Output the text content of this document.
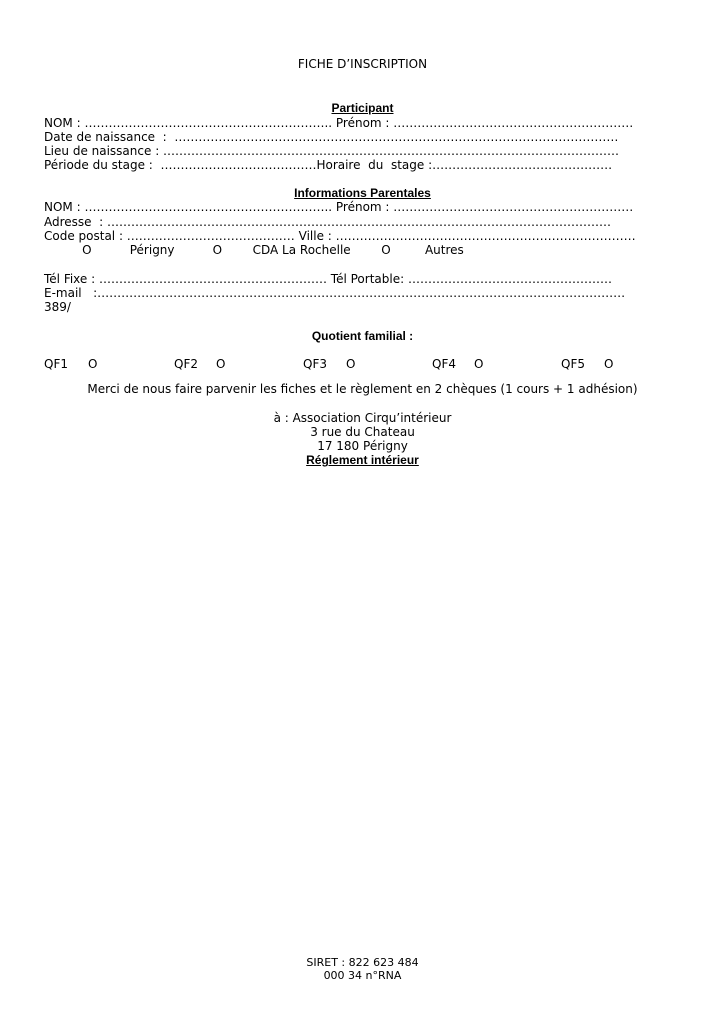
FICHE D’INSCRIPTION
Participant
NOM : …………………………………………………….. Prénom : ……………………………………………………
Date de naissance  :  …………………………………………………………………………………………………
Lieu de naissance : ……………………………………………………………………………………………………
Période du stage :  …………………………………Horaire  du  stage :………………………………………
Informations Parentales
NOM : …………………………………………………….. Prénom : ……………………………………………………
Adresse  : ………………………………………………………………………………………………………………
Code postal : …………………………………… Ville : …………………………………………………………………
O          Périgny          O        CDA La Rochelle        O         Autres
Tél Fixe : ………………………………………………… Tél Portable: ……………………………………………
E-mail   :……………………………………………………………………………………………………………………
389/
Quotient familial :
QF1 O	QF2 O	QF3 O	QF4 O	QF5 O
Merci de nous faire parvenir les fiches et le règlement en 2 chèques (1 cours + 1 adhésion)
à : Association Cirqu’intérieur
3 rue du Chateau
17 180 Périgny
Réglement intérieur
SIRET : 822 623 484
000 34 n°RNA
